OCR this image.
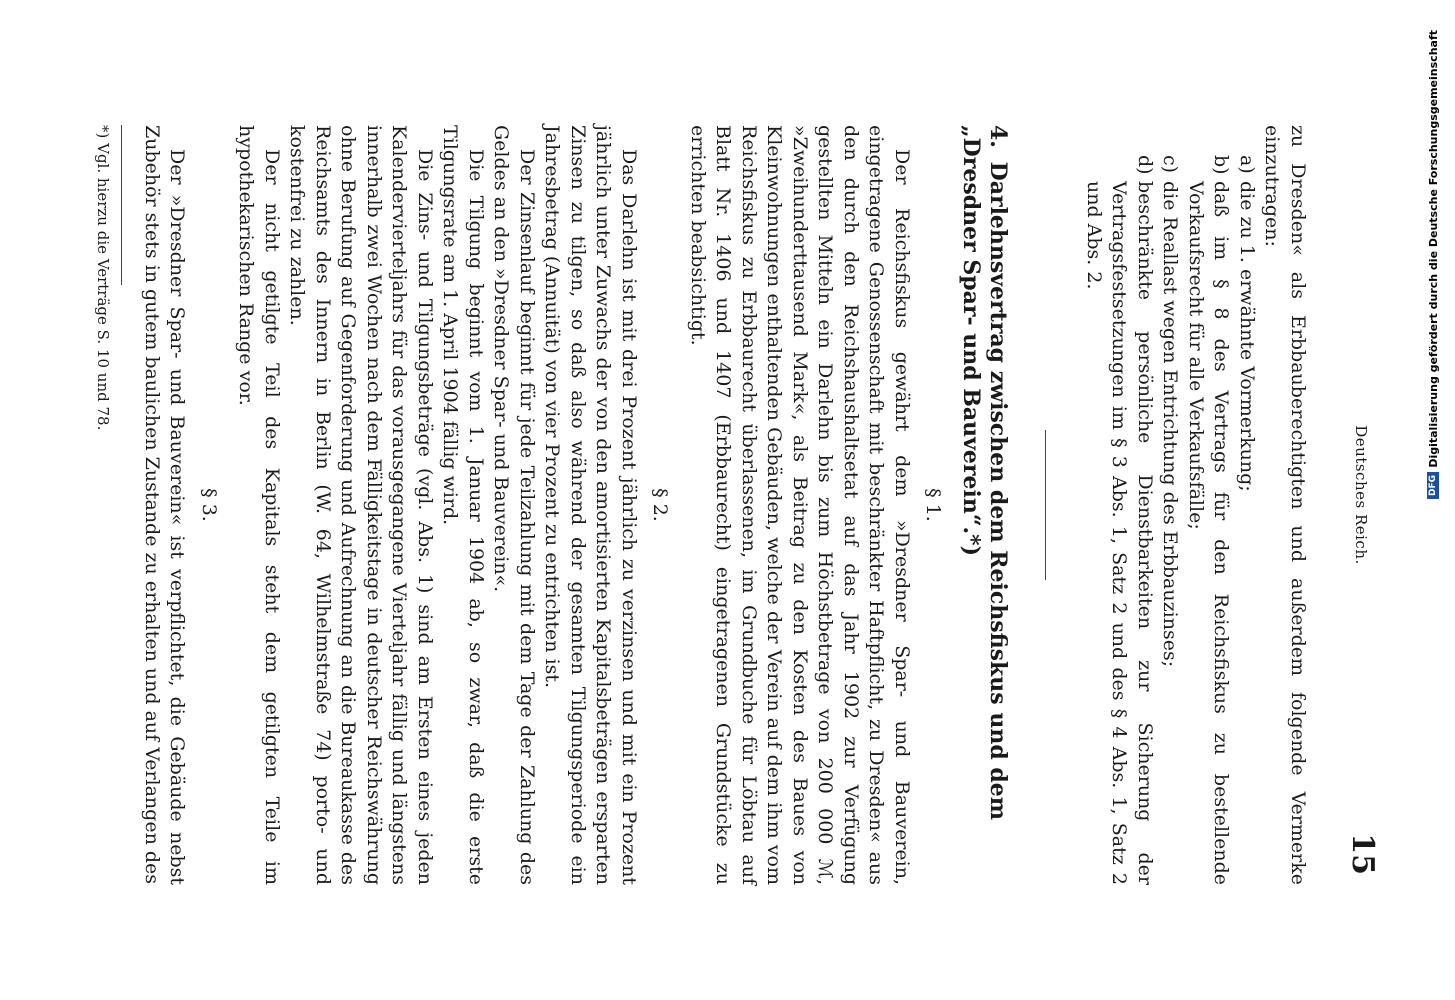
Deutsches Reich.
15

zu Dresden« als Erbbauberechtigten und außerdem folgende Vermerke einzutragen:

a)
die zu 1. erwähnte Vormerkung;
b)
daß im § 8 des Vertrags für den Reichsfiskus zu bestellende Vorkaufsrecht für alle Verkaufsfälle;
c)
die Reallast wegen Entrichtung des Erbbauzinses;
d)
beschränkte persönliche Dienstbarkeiten zur Sicherung der Vertragsfestsetzungen im § 3 Abs. 1, Satz 2 und des § 4 Abs. 1, Satz 2 und Abs. 2.
4. Darlehnsvertrag zwischen dem Reichsfiskus und dem „Dresdner Spar- und Bauverein“.*)
§ 1.

Der Reichsfiskus gewährt dem »Dresdner Spar- und Bauverein, eingetragene Genossenschaft mit beschränkter Haftpflicht, zu Dresden« aus den durch den Reichshaushaltsetat auf das Jahr 1902 zur Verfügung gestellten Mitteln ein Darlehn bis zum Höchstbetrage von 200 000 ℳ, »Zweihunderttausend Mark«, als Beitrag zu den Kosten des Baues von Kleinwohnungen enthaltenden Gebäuden, welche der Verein auf dem ihm vom Reichsfiskus zu Erbbaurecht überlassenen, im Grundbuche für Löbtau auf Blatt Nr. 1406 und 1407 (Erbbaurecht) eingetragenen Grundstücke zu errichten beabsichtigt.

§ 2.

Das Darlehn ist mit drei Prozent jährlich zu verzinsen und mit ein Prozent jährlich unter Zuwachs der von den amortisierten Kapitalsbeträgen ersparten Zinsen zu tilgen, so daß also während der gesamten Tilgungsperiode ein Jahresbetrag (Annuität) von vier Prozent zu entrichten ist.

Der Zinsenlauf beginnt für jede Teilzahlung mit dem Tage der Zahlung des Geldes an den »Dresdner Spar- und Bauverein«.

Die Tilgung beginnt vom 1. Januar 1904 ab, so zwar, daß die erste Tilgungsrate am 1. April 1904 fällig wird.

Die Zins- und Tilgungsbeträge (vgl. Abs. 1) sind am Ersten eines jeden Kalendervierteljahrs für das vorausgegangene Vierteljahr fällig und längstens innerhalb zwei Wochen nach dem Fälligkeitstage in deutscher Reichswährung ohne Berufung auf Gegenforderung und Aufrechnung an die Bureaukasse des Reichsamts des Innern in Berlin (W. 64, Wilhelmstraße 74) porto- und kostenfrei zu zahlen.

Der nicht getilgte Teil des Kapitals steht dem getilgten Teile im hypothekarischen Range vor.

§ 3.

Der »Dresdner Spar- und Bauverein« ist verpflichtet, die Gebäude nebst Zubehör stets in gutem baulichen Zustande zu erhalten und auf Verlangen des

*) Vgl. hierzu die Verträge S. 10 und 78.	Digitalisierung gefördert durch die Deutsche Forschungsgemeinschaft
DFG
